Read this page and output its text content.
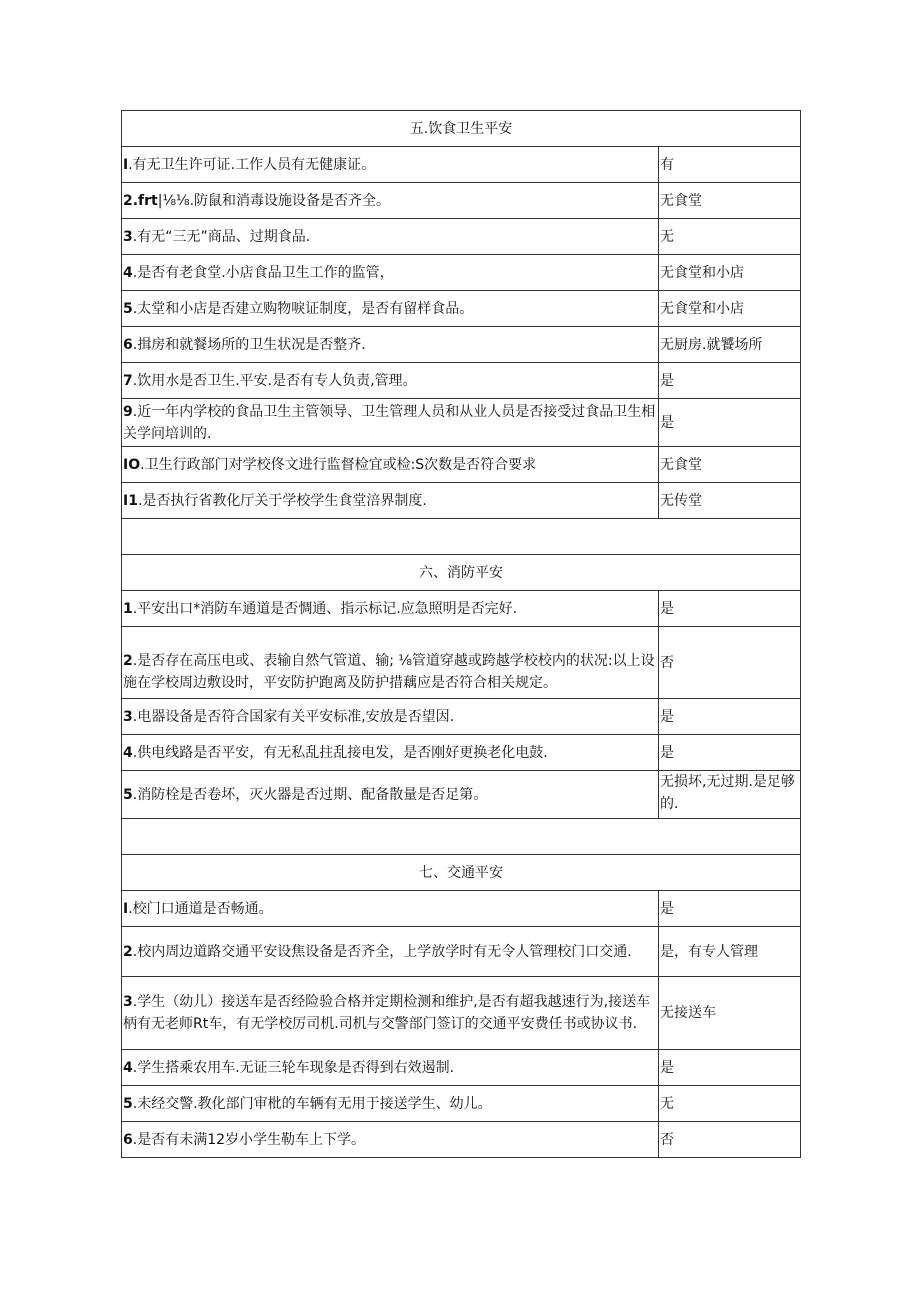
五.饮食卫生平安	
I.有无卫生许可证.工作人员有无健康证。	有
2.frt|⅛⅛.防鼠和消毒设施设备是否齐全。	无食堂
3.有无“三无”商品、过期食品.	无
4.是否有老食堂.小店食品卫生工作的监管，	无食堂和小店
5.太堂和小店是否建立购物唳证制度，是否有留样食品。	无食堂和小店
6.揖房和就餐场所的卫生状况是否整齐.	无厨房.就饕场所
7.饮用水是否卫生.平安.是否有专人负责,管理。	是
9.近一年内学校的食品卫生主管领导、卫生管理人员和从业人员是否接受过食品卫生相关学问培训的.	是
IO.卫生行政部门对学校佟文进行监督检宜或检:S次数是否符合要求	无食堂
I1.是否执行省教化厅关于学校学生食堂涪界制度.	无传堂

六、消防平安	
1.平安出口*消防车通道是否惆通、指示标记.应急照明是否完好.	是
2.是否存在高压电或、表输自然气管道、输; ⅛管道穿越或跨越学校校内的状况:以上设施在学校周边敷设时，平安防护跑离及防护措藕应是否符合相关规定。	否
3.电器设备是否符合国家有关平安标准,安放是否望因.	是
4.供电线路是否平安，有无私乱拄乱接电发，是否刚好更换老化电鼓.	是
5.消防栓是否卷坏，灭火器是否过期、配备散量是否足第。	无损坏,无过期.是足够的.

七、交通平安	
I.校门口通道是否畅通。	是
2.校内周边道路交通平安设焦设备是否齐全，上学放学时有无令人管理校门口交通.	是，有专人管理
3.学生（幼儿）接送车是否经险验合格并定期检测和维护,是否有超我越速行为,接送车柄有无老师Rt车，有无学校厉司机.司机与交警部门签订的交通平安费任书或协议书.	无接送车
4.学生搭乘农用车.无证三轮车现象是否得到右效遏制.	是
5.未经交警.教化部门审枇的车辆有无用于接送学生、幼儿。	无
6.是否有未满12岁小学生勒车上下学。	否
